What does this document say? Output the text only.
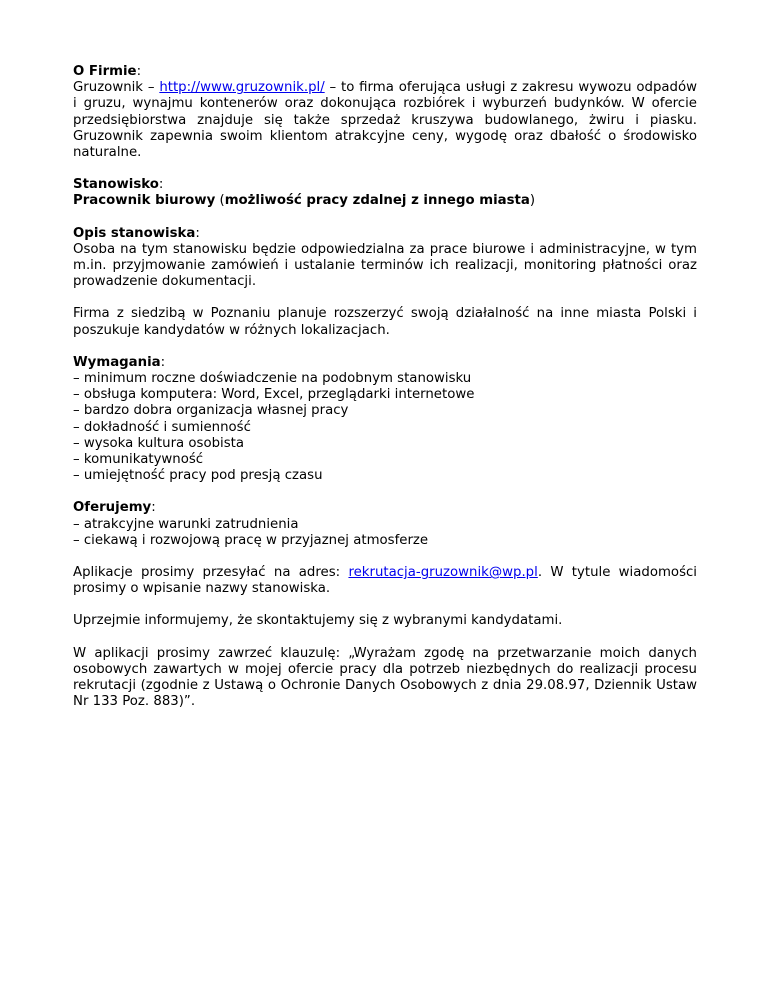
O Firmie:

Gruzownik – http://www.gruzownik.pl/ – to firma oferująca usługi z zakresu wywozu odpadów i gruzu, wynajmu kontenerów oraz dokonująca rozbiórek i wyburzeń budynków. W ofercie przedsiębiorstwa znajduje się także sprzedaż kruszywa budowlanego, żwiru i piasku. Gruzownik zapewnia swoim klientom atrakcyjne ceny, wygodę oraz dbałość o środowisko naturalne.

Stanowisko:

Pracownik biurowy (możliwość pracy zdalnej z innego miasta)

Opis stanowiska:

Osoba na tym stanowisku będzie odpowiedzialna za prace biurowe i administracyjne, w tym m.in. przyjmowanie zamówień i ustalanie terminów ich realizacji, monitoring płatności oraz prowadzenie dokumentacji.

Firma z siedzibą w Poznaniu planuje rozszerzyć swoją działalność na inne miasta Polski i poszukuje kandydatów w różnych lokalizacjach.

Wymagania:

– minimum roczne doświadczenie na podobnym stanowisku
– obsługa komputera: Word, Excel, przeglądarki internetowe
– bardzo dobra organizacja własnej pracy
– dokładność i sumienność
– wysoka kultura osobista
– komunikatywność
– umiejętność pracy pod presją czasu

Oferujemy:

– atrakcyjne warunki zatrudnienia
– ciekawą i rozwojową pracę w przyjaznej atmosferze

Aplikacje prosimy przesyłać na adres: rekrutacja-gruzownik@wp.pl. W tytule wiadomości prosimy o wpisanie nazwy stanowiska.

Uprzejmie informujemy, że skontaktujemy się z wybranymi kandydatami.

W aplikacji prosimy zawrzeć klauzulę: „Wyrażam zgodę na przetwarzanie moich danych osobowych zawartych w mojej ofercie pracy dla potrzeb niezbędnych do realizacji procesu rekrutacji (zgodnie z Ustawą o Ochronie Danych Osobowych z dnia 29.08.97, Dziennik Ustaw Nr 133 Poz. 883)”.
